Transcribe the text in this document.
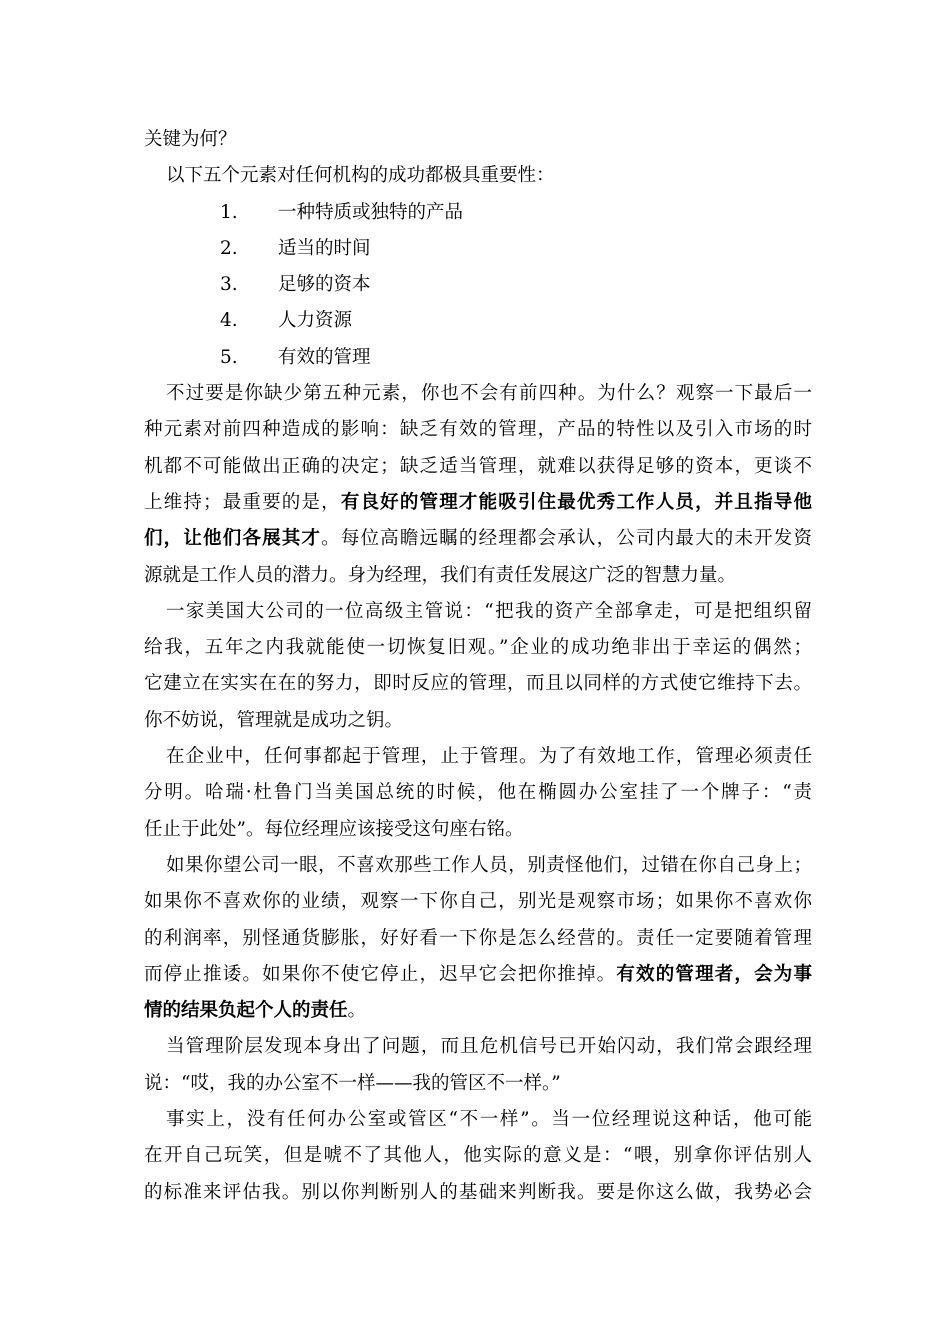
关键为何？
以下五个元素对任何机构的成功都极具重要性：
1. 一种特质或独特的产品
2. 适当的时间
3. 足够的资本
4. 人力资源
5. 有效的管理
不过要是你缺少第五种元素，你也不会有前四种。为什么？观察一下最后一
种元素对前四种造成的影响：缺乏有效的管理，产品的特性以及引入市场的时
机都不可能做出正确的决定；缺乏适当管理，就难以获得足够的资本，更谈不
上维持；最重要的是，有良好的管理才能吸引住最优秀工作人员，并且指导他
们，让他们各展其才。每位高瞻远瞩的经理都会承认，公司内最大的未开发资
源就是工作人员的潜力。身为经理，我们有责任发展这广泛的智慧力量。
一家美国大公司的一位高级主管说：“把我的资产全部拿走，可是把组织留
给我，五年之内我就能使一切恢复旧观。”企业的成功绝非出于幸运的偶然；
它建立在实实在在的努力，即时反应的管理，而且以同样的方式使它维持下去。
你不妨说，管理就是成功之钥。
在企业中，任何事都起于管理，止于管理。为了有效地工作，管理必须责任
分明。哈瑞·杜鲁门当美国总统的时候，他在椭圆办公室挂了一个牌子：“责
任止于此处”。每位经理应该接受这句座右铭。
如果你望公司一眼，不喜欢那些工作人员，别责怪他们，过错在你自己身上；
如果你不喜欢你的业绩，观察一下你自己，别光是观察市场；如果你不喜欢你
的利润率，别怪通货膨胀，好好看一下你是怎么经营的。责任一定要随着管理
而停止推诿。如果你不使它停止，迟早它会把你推掉。有效的管理者，会为事
情的结果负起个人的责任。
当管理阶层发现本身出了问题，而且危机信号已开始闪动，我们常会跟经理
说：“哎，我的办公室不一样——我的管区不一样。”
事实上，没有任何办公室或管区“不一样”。当一位经理说这种话，他可能
在开自己玩笑，但是唬不了其他人，他实际的意义是：“喂，别拿你评估别人
的标准来评估我。别以你判断别人的基础来判断我。要是你这么做，我势必会
